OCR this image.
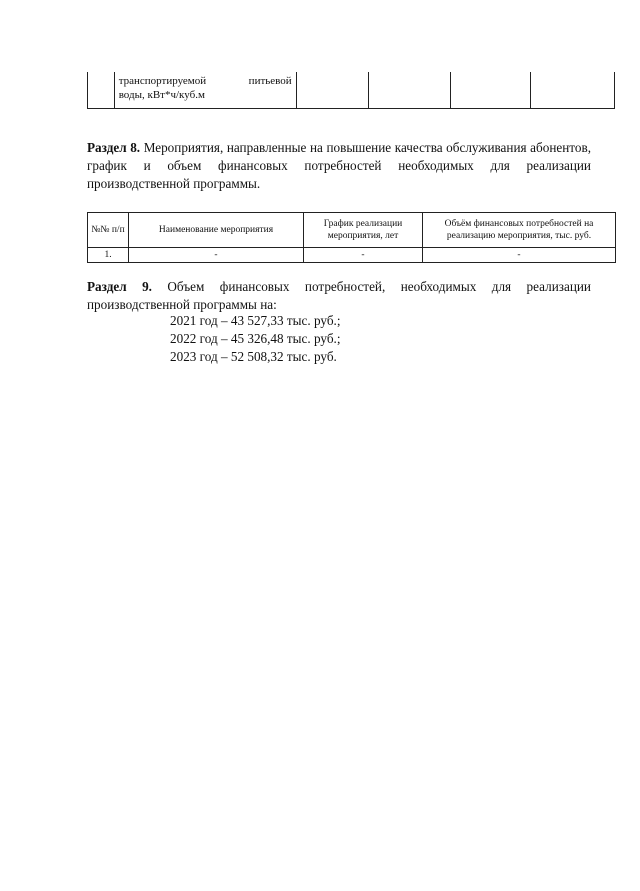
транспортируемой питьевой
воды, кВт*ч/куб.м

Раздел 8. Мероприятия, направленные на повышение качества обслуживания абонентов, график и объем финансовых потребностей необходимых для реализации производственной программы.
№№ п/п	Наименование мероприятия	График реализации мероприятия, лет	Объём финансовых потребностей на реализацию мероприятия, тыс. руб.
1.	-	-	-
Раздел 9. Объем финансовых потребностей, необходимых для реализации производственной программы на:
2021 год – 43 527,33 тыс. руб.;
2022 год – 45 326,48 тыс. руб.;
2023 год – 52 508,32 тыс. руб.
